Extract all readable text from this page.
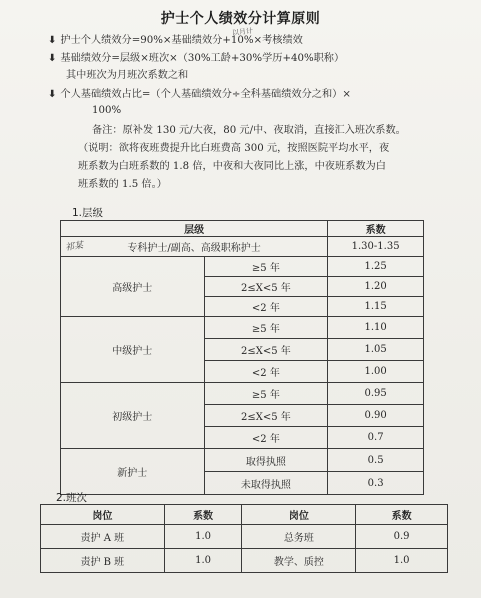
护士个人绩效分计算原则
⬇ 护士个人绩效分=90%×基础绩效分+10%×考核绩效
以月计
⬇ 基础绩效分=层级×班次×（30%工龄+30%学历+40%职称）
其中班次为月班次系数之和
⬇ 个人基础绩效占比=（个人基础绩效分÷全科基础绩效分之和）×
100%
备注：原补发 130 元/大夜，80 元/中、夜取消，直接汇入班次系数。
（说明：欲将夜班费提升比白班费高 300 元，按照医院平均水平，夜
班系数为白班系数的 1.8 倍，中夜和大夜同比上涨，中夜班系数为白
班系数的 1.5 倍。）
1.层级
层级		系数

祁某 专科护士/副高、高级职称护士		1.30-1.35
高级护士	≥5 年	1.25
	2≤X<5 年	1.20
	<2 年	1.15
中级护士	≥5 年	1.10
	2≤X<5 年	1.05
	<2 年	1.00
初级护士	≥5 年	0.95
	2≤X<5 年	0.90
	<2 年	0.7
新护士	取得执照	0.5
	未取得执照	0.3
2.班次
岗位	系数	岗位	系数
责护 A 班	1.0	总务班	0.9
责护 B 班	1.0	教学、质控	1.0
